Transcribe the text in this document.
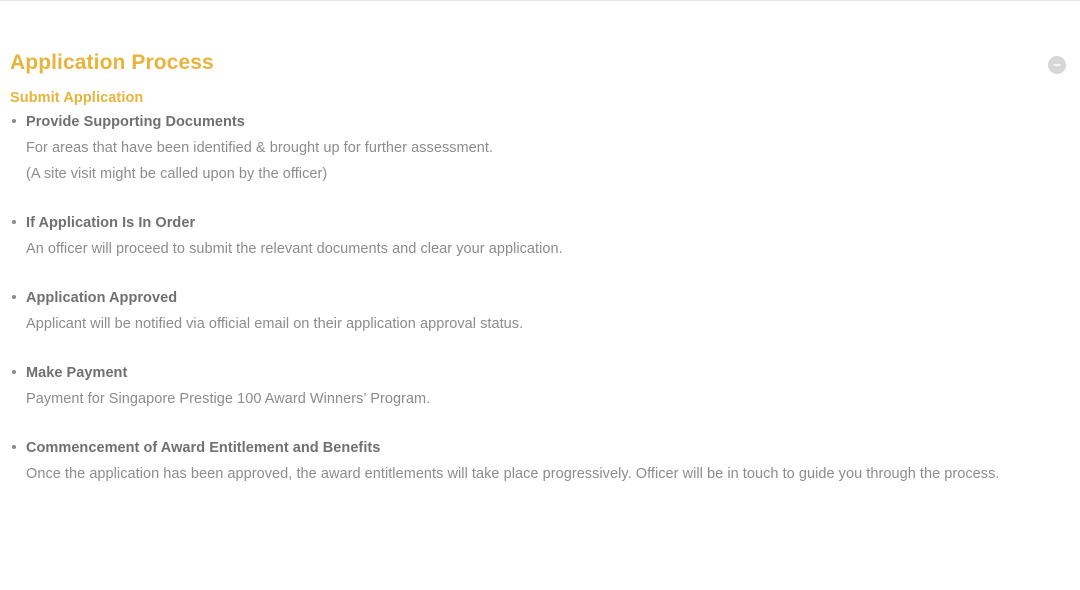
Application Process
Submit Application
Provide Supporting Documents
For areas that have been identified & brought up for further assessment.
(A site visit might be called upon by the officer)
If Application Is In Order
An officer will proceed to submit the relevant documents and clear your application.
Application Approved
Applicant will be notified via official email on their application approval status.
Make Payment
Payment for Singapore Prestige 100 Award Winners’ Program.
Commencement of Award Entitlement and Benefits
Once the application has been approved, the award entitlements will take place progressively. Officer will be in touch to guide you through the process.
